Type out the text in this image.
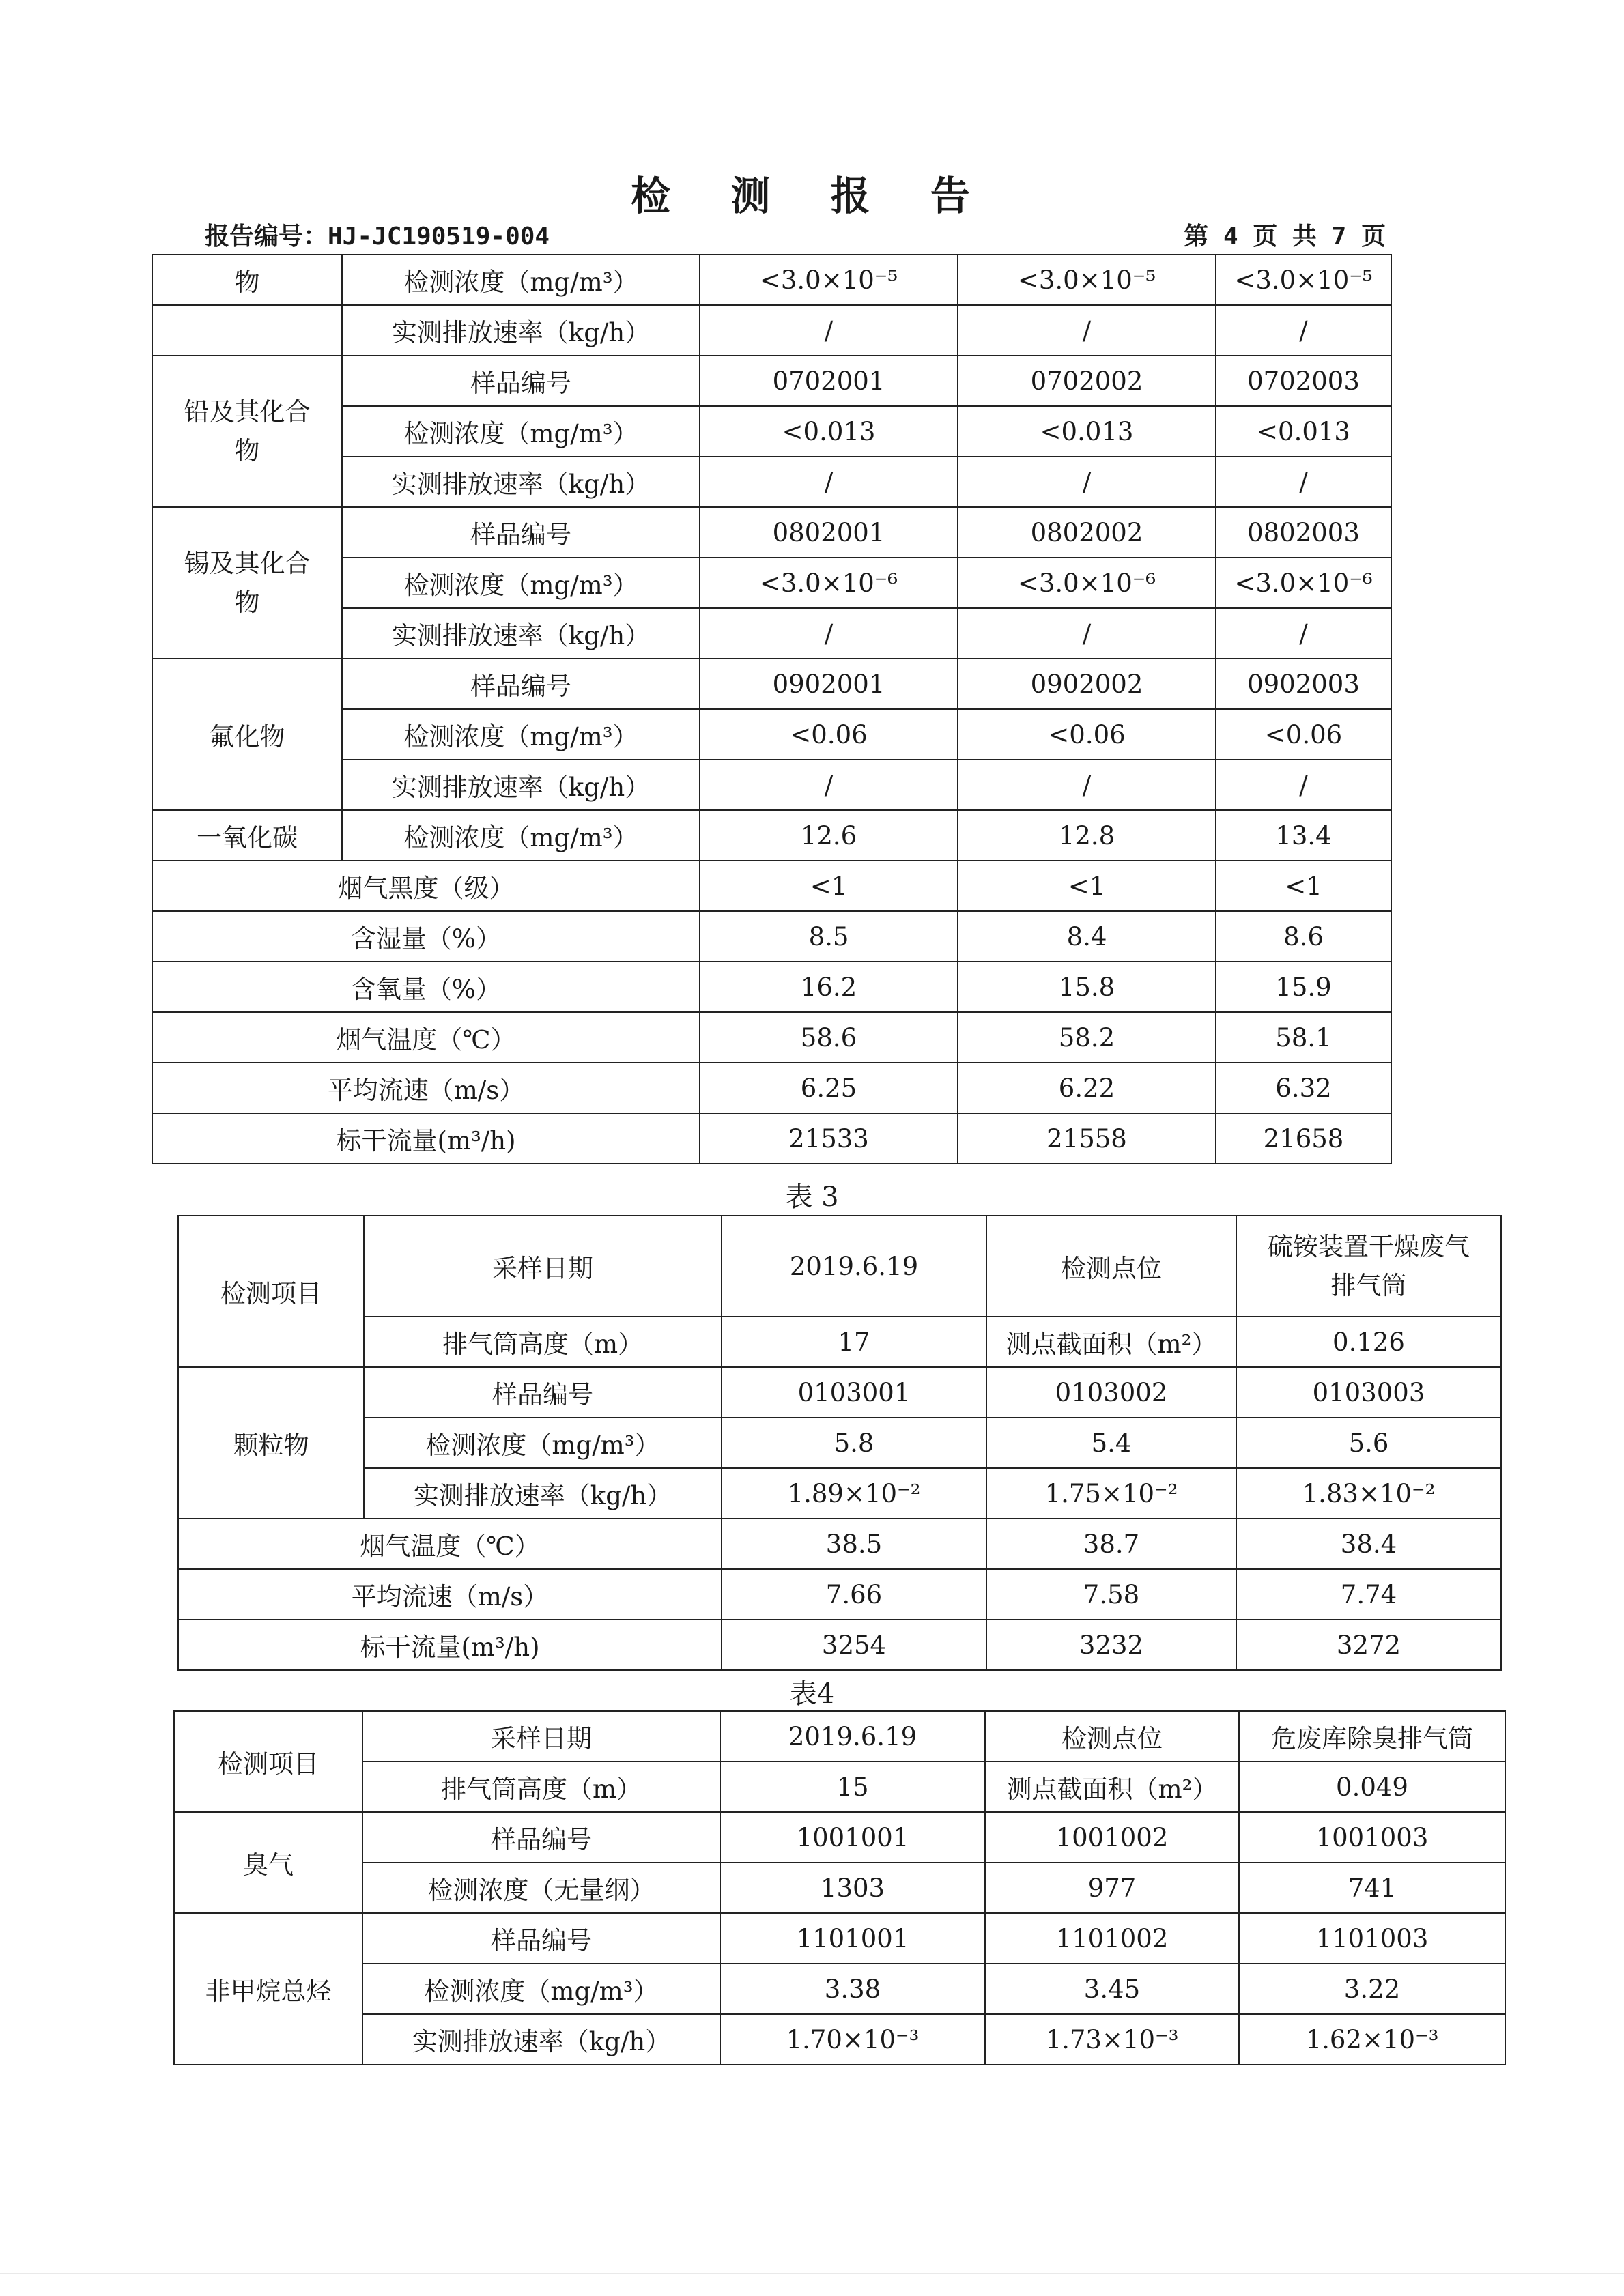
检 测 报 告
报告编号：HJ-JC190519-004	第 4 页 共 7 页
物	检测浓度（mg/m³）	<3.0×10⁻⁵	<3.0×10⁻⁵	<3.0×10⁻⁵
	实测排放速率（kg/h）	/	/	/
铅及其化合物	样品编号	0702001	0702002	0702003
	检测浓度（mg/m³）	<0.013	<0.013	<0.013
	实测排放速率（kg/h）	/	/	/
锡及其化合物	样品编号	0802001	0802002	0802003
	检测浓度（mg/m³）	<3.0×10⁻⁶	<3.0×10⁻⁶	<3.0×10⁻⁶
	实测排放速率（kg/h）	/	/	/
氟化物	样品编号	0902001	0902002	0902003
	检测浓度（mg/m³）	<0.06	<0.06	<0.06
	实测排放速率（kg/h）	/	/	/
一氧化碳	检测浓度（mg/m³）	12.6	12.8	13.4
烟气黑度（级）		<1	<1	<1
含湿量（%）		8.5	8.4	8.6
含氧量（%）		16.2	15.8	15.9
烟气温度（℃）		58.6	58.2	58.1
平均流速（m/s）		6.25	6.22	6.32
标干流量(m³/h)		21533	21558	21658
表 3
检测项目	采样日期	2019.6.19	检测点位	硫铵装置干燥废气排气筒
	排气筒高度（m）	17	测点截面积（m²）	0.126
颗粒物	样品编号	0103001	0103002	0103003
	检测浓度（mg/m³）	5.8	5.4	5.6
	实测排放速率（kg/h）	1.89×10⁻²	1.75×10⁻²	1.83×10⁻²
烟气温度（℃）		38.5	38.7	38.4
平均流速（m/s）		7.66	7.58	7.74
标干流量(m³/h)		3254	3232	3272
表4
检测项目	采样日期	2019.6.19	检测点位	危废库除臭排气筒
	排气筒高度（m）	15	测点截面积（m²）	0.049
臭气	样品编号	1001001	1001002	1001003
	检测浓度（无量纲）	1303	977	741
非甲烷总烃	样品编号	1101001	1101002	1101003
	检测浓度（mg/m³）	3.38	3.45	3.22
	实测排放速率（kg/h）	1.70×10⁻³	1.73×10⁻³	1.62×10⁻³
